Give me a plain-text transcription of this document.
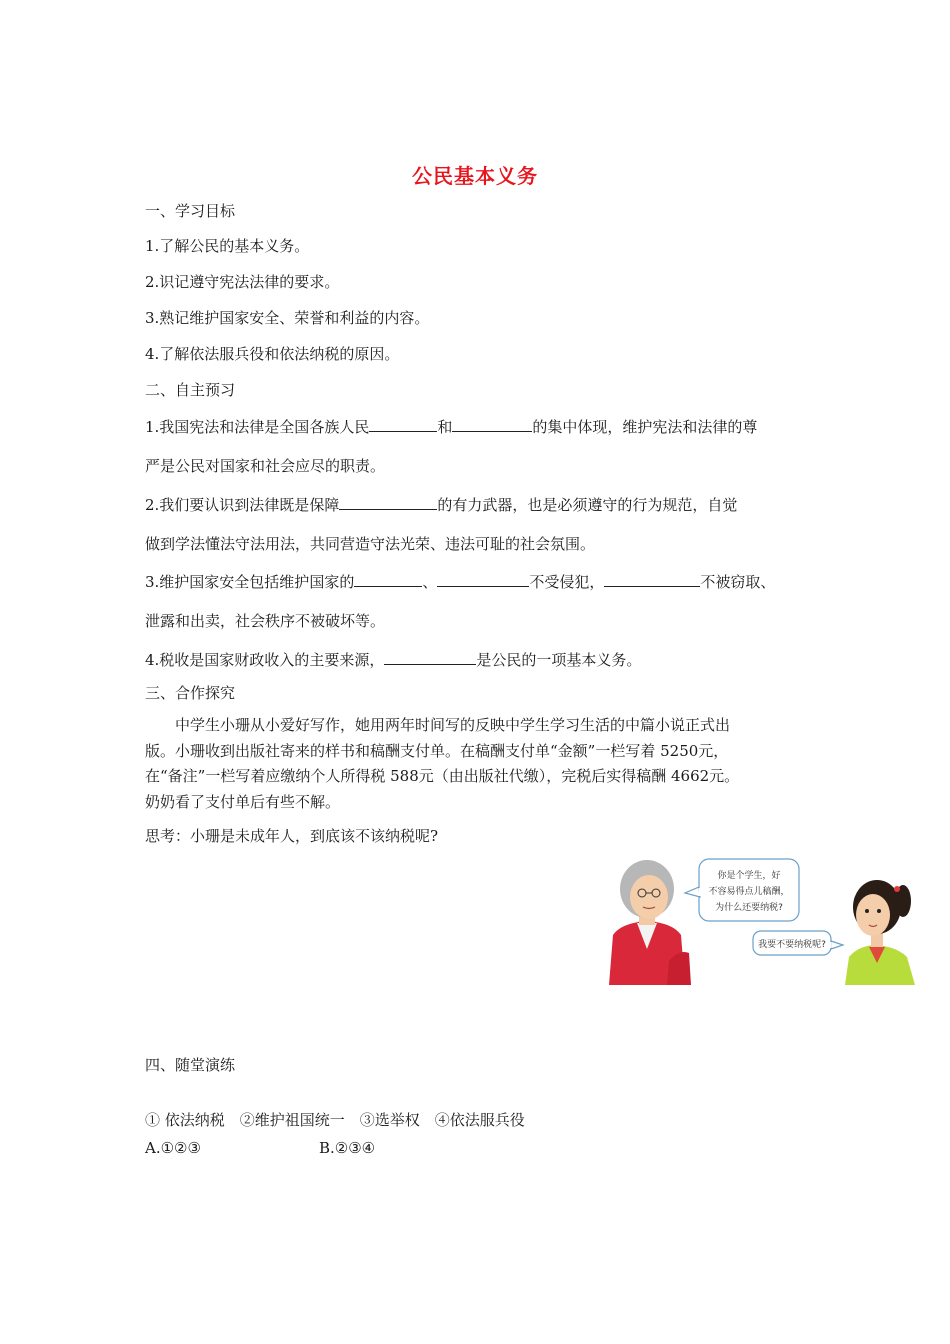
公民基本义务
一、学习目标
1.了解公民的基本义务。
2.识记遵守宪法法律的要求。
3.熟记维护国家安全、荣誉和利益的内容。
4.了解依法服兵役和依法纳税的原因。
二、自主预习
1.我国宪法和法律是全国各族人民	和	的集中体现，维护宪法和法律的尊
严是公民对国家和社会应尽的职责。
2.我们要认识到法律既是保障	的有力武器，也是必须遵守的行为规范，自觉
做到学法懂法守法用法，共同营造守法光荣、违法可耻的社会氛围。
3.维护国家安全包括维护国家的	、	不受侵犯，	不被窃取、
泄露和出卖，社会秩序不被破坏等。
4.税收是国家财政收入的主要来源，	是公民的一项基本义务。
三、合作探究
中学生小珊从小爱好写作，她用两年时间写的反映中学生学习生活的中篇小说正式出
版。小珊收到出版社寄来的样书和稿酬支付单。在稿酬支付单“金额”一栏写着 5250元，
在“备注”一栏写着应缴纳个人所得税 588元（由出版社代缴），完税后实得稿酬 4662元。
奶奶看了支付单后有些不解。
思考：小珊是未成年人，到底该不该纳税呢?
你是个学生，好
不容易得点儿稿酬，
为什么还要纳税?
我要不要纳税呢?
四、随堂演练
① 依法纳税　②维护祖国统一　③选举权　④依法服兵役
A.①②③	B.②③④
